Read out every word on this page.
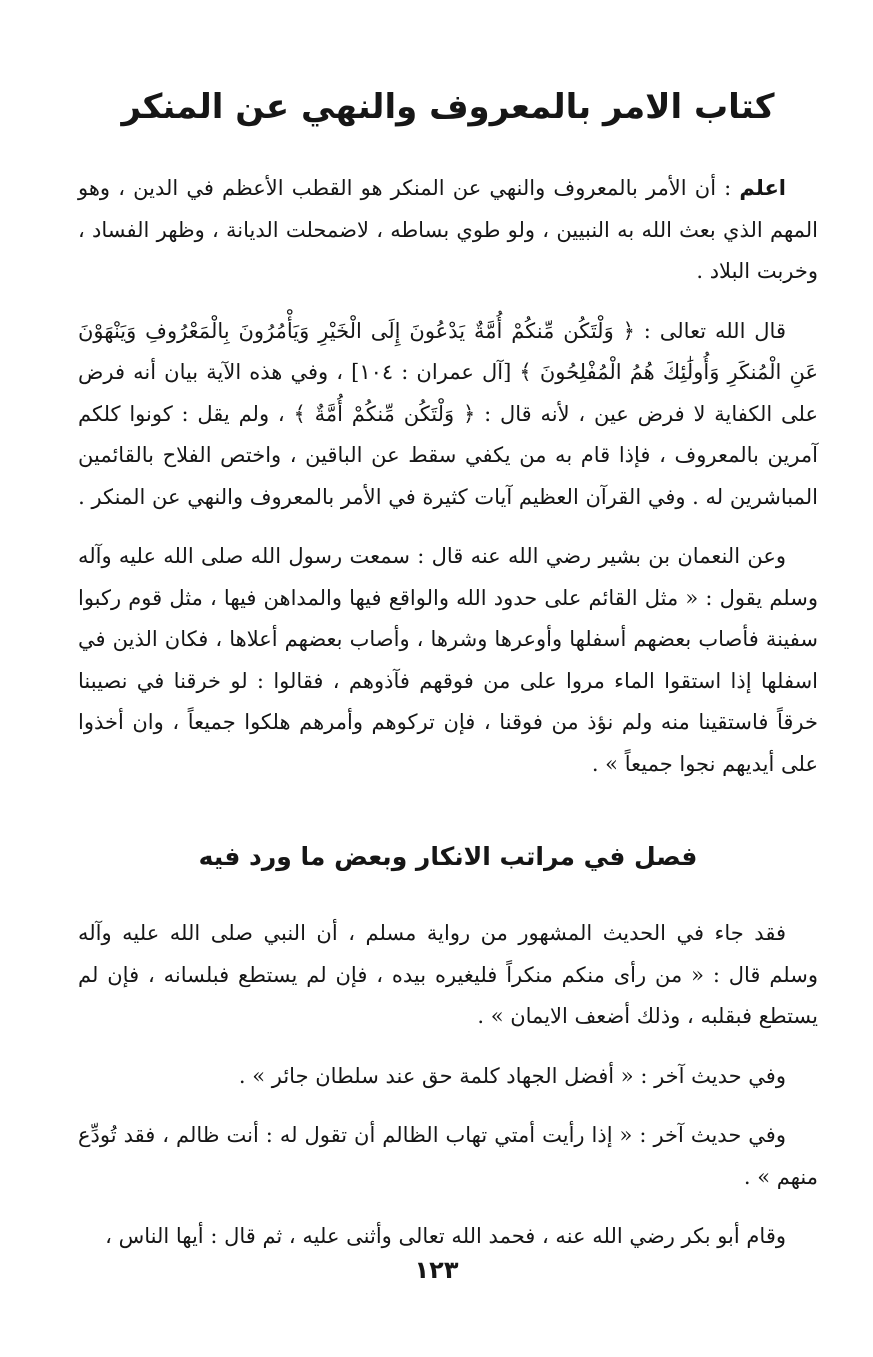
كتاب الامر بالمعروف والنهي عن المنكر

اعلم : أن الأمر بالمعروف والنهي عن المنكر هو القطب الأعظم في الدين ، وهو المهم الذي بعث الله به النبيين ، ولو طوي بساطه ، لاضمحلت الديانة ، وظهر الفساد ، وخربت البلاد .

قال الله تعالى : ﴿ وَلْتَكُن مِّنكُمْ أُمَّةٌ يَدْعُونَ إِلَى الْخَيْرِ وَيَأْمُرُونَ بِالْمَعْرُوفِ وَيَنْهَوْنَ عَنِ الْمُنكَرِ وَأُولَٰئِكَ هُمُ الْمُفْلِحُونَ ﴾ [آل عمران : ١٠٤] ، وفي هذه الآية بيان أنه فرض على الكفاية لا فرض عين ، لأنه قال : ﴿ وَلْتَكُن مِّنكُمْ أُمَّةٌ ﴾ ، ولم يقل : كونوا كلكم آمرين بالمعروف ، فإذا قام به من يكفي سقط عن الباقين ، واختص الفلاح بالقائمين المباشرين له . وفي القرآن العظيم آيات كثيرة في الأمر بالمعروف والنهي عن المنكر .

وعن النعمان بن بشير رضي الله عنه قال : سمعت رسول الله صلى الله عليه وآله وسلم يقول : « مثل القائم على حدود الله والواقع فيها والمداهن فيها ، مثل قوم ركبوا سفينة فأصاب بعضهم أسفلها وأوعرها وشرها ، وأصاب بعضهم أعلاها ، فكان الذين في اسفلها إذا استقوا الماء مروا على من فوقهم فآذوهم ، فقالوا : لو خرقنا في نصيبنا خرقاً فاستقينا منه ولم نؤذ من فوقنا ، فإن تركوهم وأمرهم هلكوا جميعاً ، وان أخذوا على أيديهم نجوا جميعاً » .

فصل في مراتب الانكار وبعض ما ورد فيه

فقد جاء في الحديث المشهور من رواية مسلم ، أن النبي صلى الله عليه وآله وسلم قال : « من رأى منكم منكراً فليغيره بيده ، فإن لم يستطع فبلسانه ، فإن لم يستطع فبقلبه ، وذلك أضعف الايمان » .

وفي حديث آخر : « أفضل الجهاد كلمة حق عند سلطان جائر » .

وفي حديث آخر : « إذا رأيت أمتي تهاب الظالم أن تقول له : أنت ظالم ، فقد تُودِّع منهم » .

وقام أبو بكر رضي الله عنه ، فحمد الله تعالى وأثنى عليه ، ثم قال : أيها الناس ،

١٢٣
